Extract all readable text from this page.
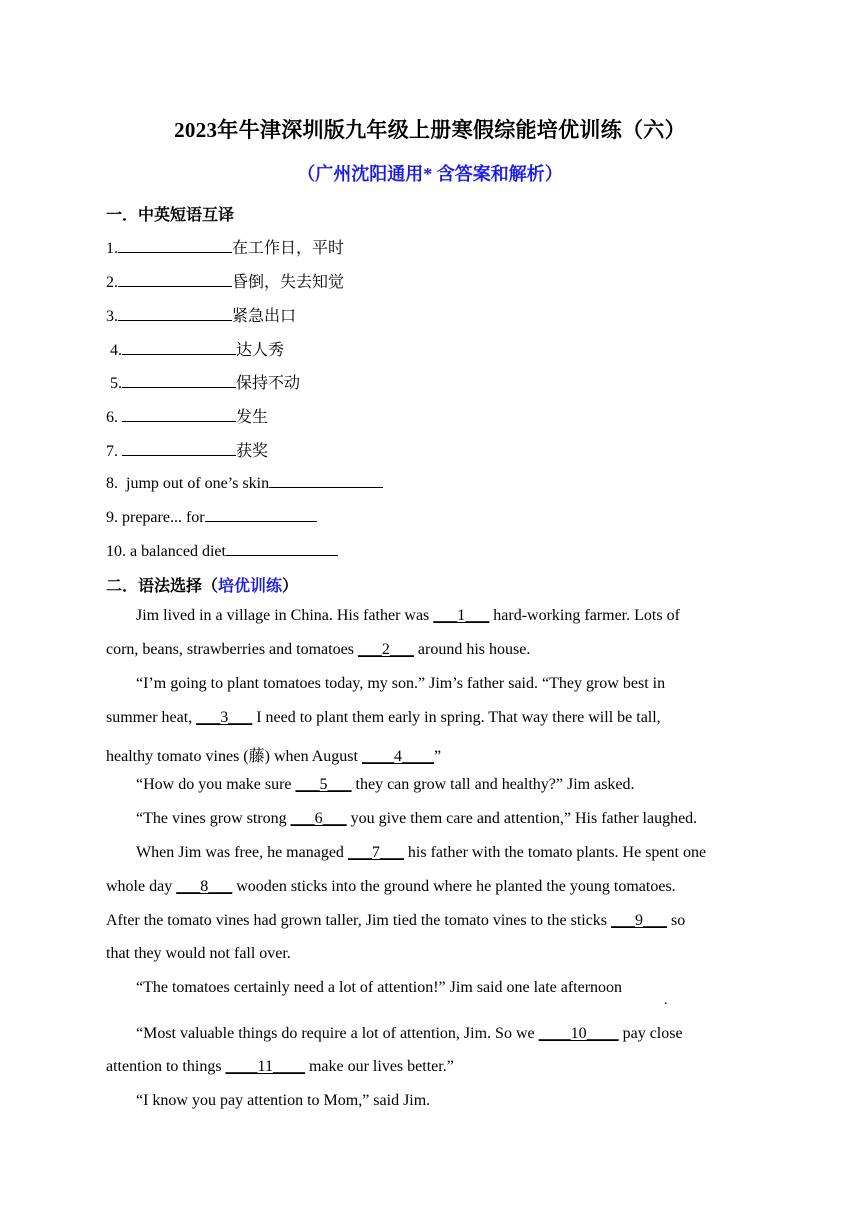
2023年牛津深圳版九年级上册寒假综能培优训练（六）
（广州沈阳通用* 含答案和解析）
一．中英短语互译
1.	在工作日，平时
2.	昏倒，失去知觉
3.	紧急出口
4.	达人秀
5.	保持不动
6.	发生
7.	获奖
8.  jump out of one’s skin
9. prepare... for
10. a balanced diet
二．语法选择（培优训练）
Jim lived in a village in China. His father was ___1___ hard-working farmer. Lots of
corn, beans, strawberries and tomatoes ___2___ around his house.
“I’m going to plant tomatoes today, my son.” Jim’s father said. “They grow best in
summer heat, ___3___ I need to plant them early in spring. That way there will be tall,
healthy tomato vines (藤) when August ____4____”
“How do you make sure ___5___ they can grow tall and healthy?” Jim asked.
“The vines grow strong ___6___ you give them care and attention,” His father laughed.
When Jim was free, he managed ___7___ his father with the tomato plants. He spent one
whole day ___8___ wooden sticks into the ground where he planted the young tomatoes.
After the tomato vines had grown taller, Jim tied the tomato vines to the sticks ___9___ so
that they would not fall over.
“The tomatoes certainly need a lot of attention!” Jim said one late afternoon
.
“Most valuable things do require a lot of attention, Jim. So we ____10____ pay close
attention to things ____11____ make our lives better.”
“I know you pay attention to Mom,” said Jim.
